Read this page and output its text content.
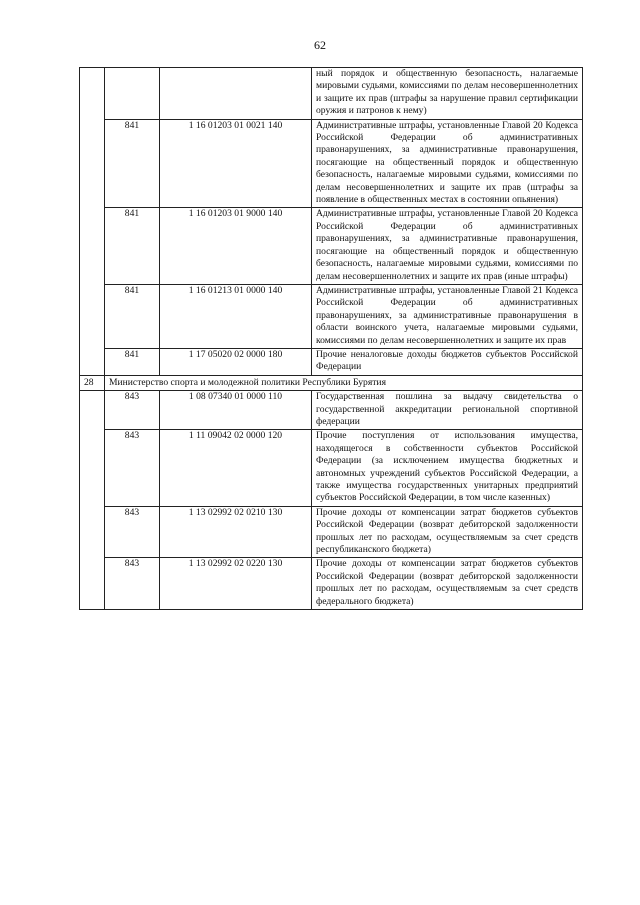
62
			ный порядок и общественную безопасность, налагаемые мировыми судьями, комиссиями по делам несовершеннолетних и защите их прав (штрафы за нарушение правил сертификации оружия и патронов к нему)
	841	1 16 01203 01 0021 140	Административные штрафы, установленные Главой 20 Кодекса Российской Федерации об административных правонарушениях, за административные правонарушения, посягающие на общественный порядок и общественную безопасность, налагаемые мировыми судьями, комиссиями по делам несовершеннолетних и защите их прав (штрафы за появление в общественных местах в состоянии опьянения)
	841	1 16 01203 01 9000 140	Административные штрафы, установленные Главой 20 Кодекса Российской Федерации об административных правонарушениях, за административные правонарушения, посягающие на общественный порядок и общественную безопасность, налагаемые мировыми судьями, комиссиями по делам несовершеннолетних и защите их прав (иные штрафы)
	841	1 16 01213 01 0000 140	Административные штрафы, установленные Главой 21 Кодекса Российской Федерации об административных правонарушениях, за административные правонарушения в области воинского учета, налагаемые мировыми судьями, комиссиями по делам несовершеннолетних и защите их прав
	841	1 17 05020 02 0000 180	Прочие неналоговые доходы бюджетов субъектов Российской Федерации
28	Министерство спорта и молодежной политики Республики Бурятия		
	843	1 08 07340 01 0000 110	Государственная пошлина за выдачу свидетельства о государственной аккредитации региональной спортивной федерации
	843	1 11 09042 02 0000 120	Прочие поступления от использования имущества, находящегося в собственности субъектов Российской Федерации (за исключением имущества бюджетных и автономных учреждений субъектов Российской Федерации, а также имущества государственных унитарных предприятий субъектов Российской Федерации, в том числе казенных)
	843	1 13 02992 02 0210 130	Прочие доходы от компенсации затрат бюджетов субъектов Российской Федерации (возврат дебиторской задолженности прошлых лет по расходам, осуществляемым за счет средств республиканского бюджета)
	843	1 13 02992 02 0220 130	Прочие доходы от компенсации затрат бюджетов субъектов Российской Федерации (возврат дебиторской задолженности прошлых лет по расходам, осуществляемым за счет средств федерального бюджета)
